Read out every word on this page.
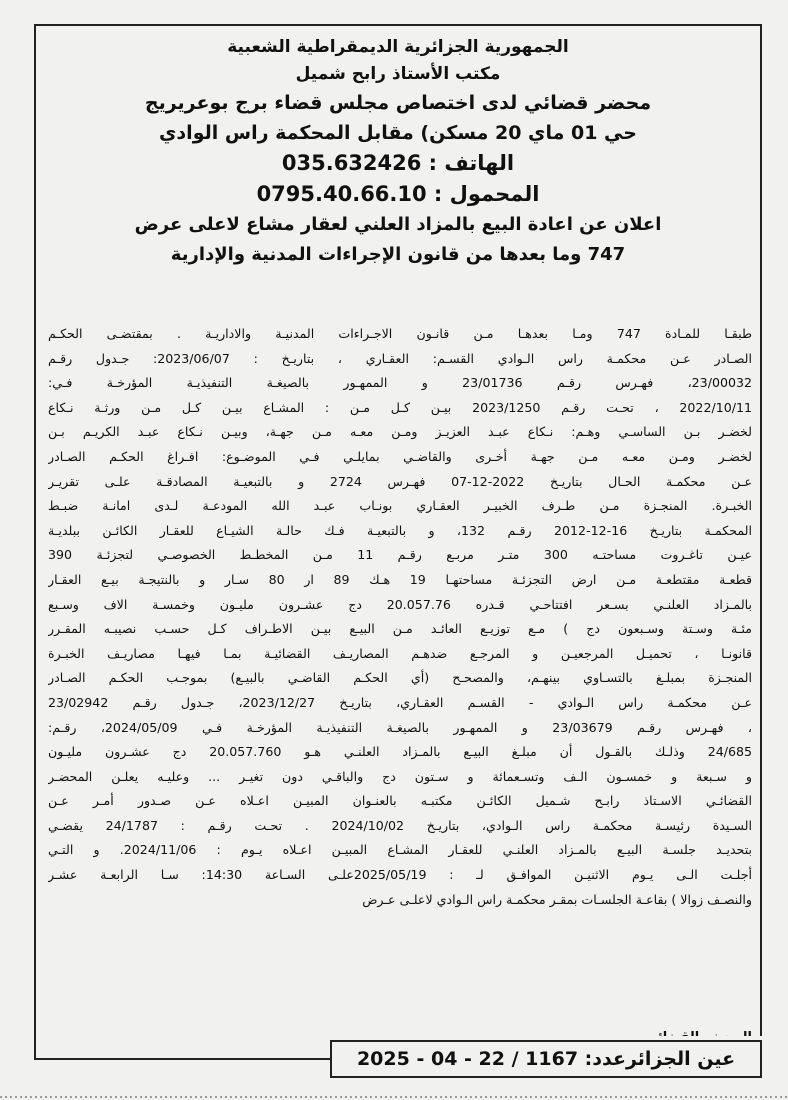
الجمهورية الجزائرية الديمقراطية الشعبية
مكتب الأستاذ رابح شميل
محضر قضائي لدى اختصاص مجلس قضاء برج بوعريريج
حي 01 ماي 20 مسكن) مقابل المحكمة راس الوادي
الهاتف : 035.632426
المحمول : 0795.40.66.10
اعلان عن اعادة البيع بالمزاد العلني لعقار مشاع لاعلى عرض
747 وما بعدها من قانون الإجراءات المدنية والإدارية
طبقـا للمـادة 747 ومـا بعدهـا مـن قانـون الاجـراءات المدنيـة والاداريـة . بمقتضـى الحكـم
الصـادر عـن محكمـة راس الـوادي القسـم: العقـاري ، بتاريـخ : 2023/06/07: جـدول رقـم
23/00032، فهـرس رقـم 23/01736 و الممهـور بالصيغـة التنفيذيـة المؤرخـة فـي:
2022/10/11 ، تحـت رقـم 2023/1250 بيـن كـل مـن : المشـاع بيـن كـل مـن ورثـة نـكاع
لخضـر بـن الساسـي وهـم: نـكاع عبـد العزيـز ومـن معـه مـن جهـة، وبيـن نـكاع عبـد الكريـم بـن
لخضـر ومـن معـه مـن جهـة أخـرى والقاضـي بمايلـي فـي الموضـوع: افـراغ الحكـم الصـادر
عـن محكمـة الحـال بتاريـخ 2022-12-07 فهـرس 2724 و بالتبعيـة المصادقـة علـى تقريـر
الخبـرة. المنجـزة مـن طـرف الخبيـر العقـاري بونـاب عبـد الله المودعـة لـدى امانـة ضبـط
المحكمـة بتاريـخ 16-12-2012 رقـم 132، و بالتبعيـة فـك حالـة الشيـاع للعقـار الكائـن ببلديـة
عيـن تاغـروت مساحتـه 300 متـر مربـع رقـم 11 مـن المخطـط الخصوصـي لتجزئـة 390
قطعـة مقتطعـة مـن ارض التجزئـة مساحتهـا 19 هـك 89 ار 80 سـار و بالنتيجـة بيـع العقـار
بالمـزاد العلنـي بسـعر افتتاحـي قـدره 20.057.76 دج عشـرون مليـون وخمسـة الاف وسـبع
مئـة وسـتة وسـبعون دج ) مـع توزيـع العائـد مـن البيـع بيـن الاطـراف كـل حسـب نصيبـه المقـرر
قانونـا ، تحميـل المرجعيـن و المرجـع ضدهـم المصاريـف القضائيـة بمـا فيهـا مصاريـف الخبـرة
المنجـزة بمبلـغ بالتسـاوي بينهـم، والمصحـح (أي الحكـم القاضـي بالبيـع) بموجـب الحكـم الصـادر
عـن محكمـة راس الـوادي - القسـم العقـاري، بتاريـخ 2023/12/27، جـدول رقـم 23/02942
، فهـرس رقـم 23/03679 و الممهـور بالصيغـة التنفيذيـة المؤرخـة فـي 2024/05/09، رقـم:
24/685 وذلـك بالقـول أن مبلـغ البيـع بالمـزاد العلنـي هـو 20.057.760 دج عشـرون مليـون
و سـبعة و خمسـون الـف وتسـعمائة و سـتون دج والباقـي دون تغيـر ... وعليـه يعلـن المحضـر
القضائـي الاسـتاذ رابـح شـميل الكائـن مكتبـه بالعنـوان المبيـن اعـلاه عـن صـدور أمـر عـن
السـيدة رئيسـة محكمـة راس الـوادي، بتاريـخ 2024/10/02 . تحـت رقـم : 24/1787 يقضـي
بتحديـد جلسـة البيـع بالمـزاد العلنـي للعقـار المشـاع المبيـن اعـلاه يـوم : 2024/11/06. و التـي
أجلـت الـى يـوم الاثنيـن الموافـق لـ : 2025/05/19علـى السـاعة 14:30: سـا الرابعـة عشـر
والنصـف زوالا ) بقاعـة الجلسـات بمقـر محكمـة راس الـوادي لاعلـى عـرض
عين الجزائرعدد: 1167 / 22 - 04 - 2025
